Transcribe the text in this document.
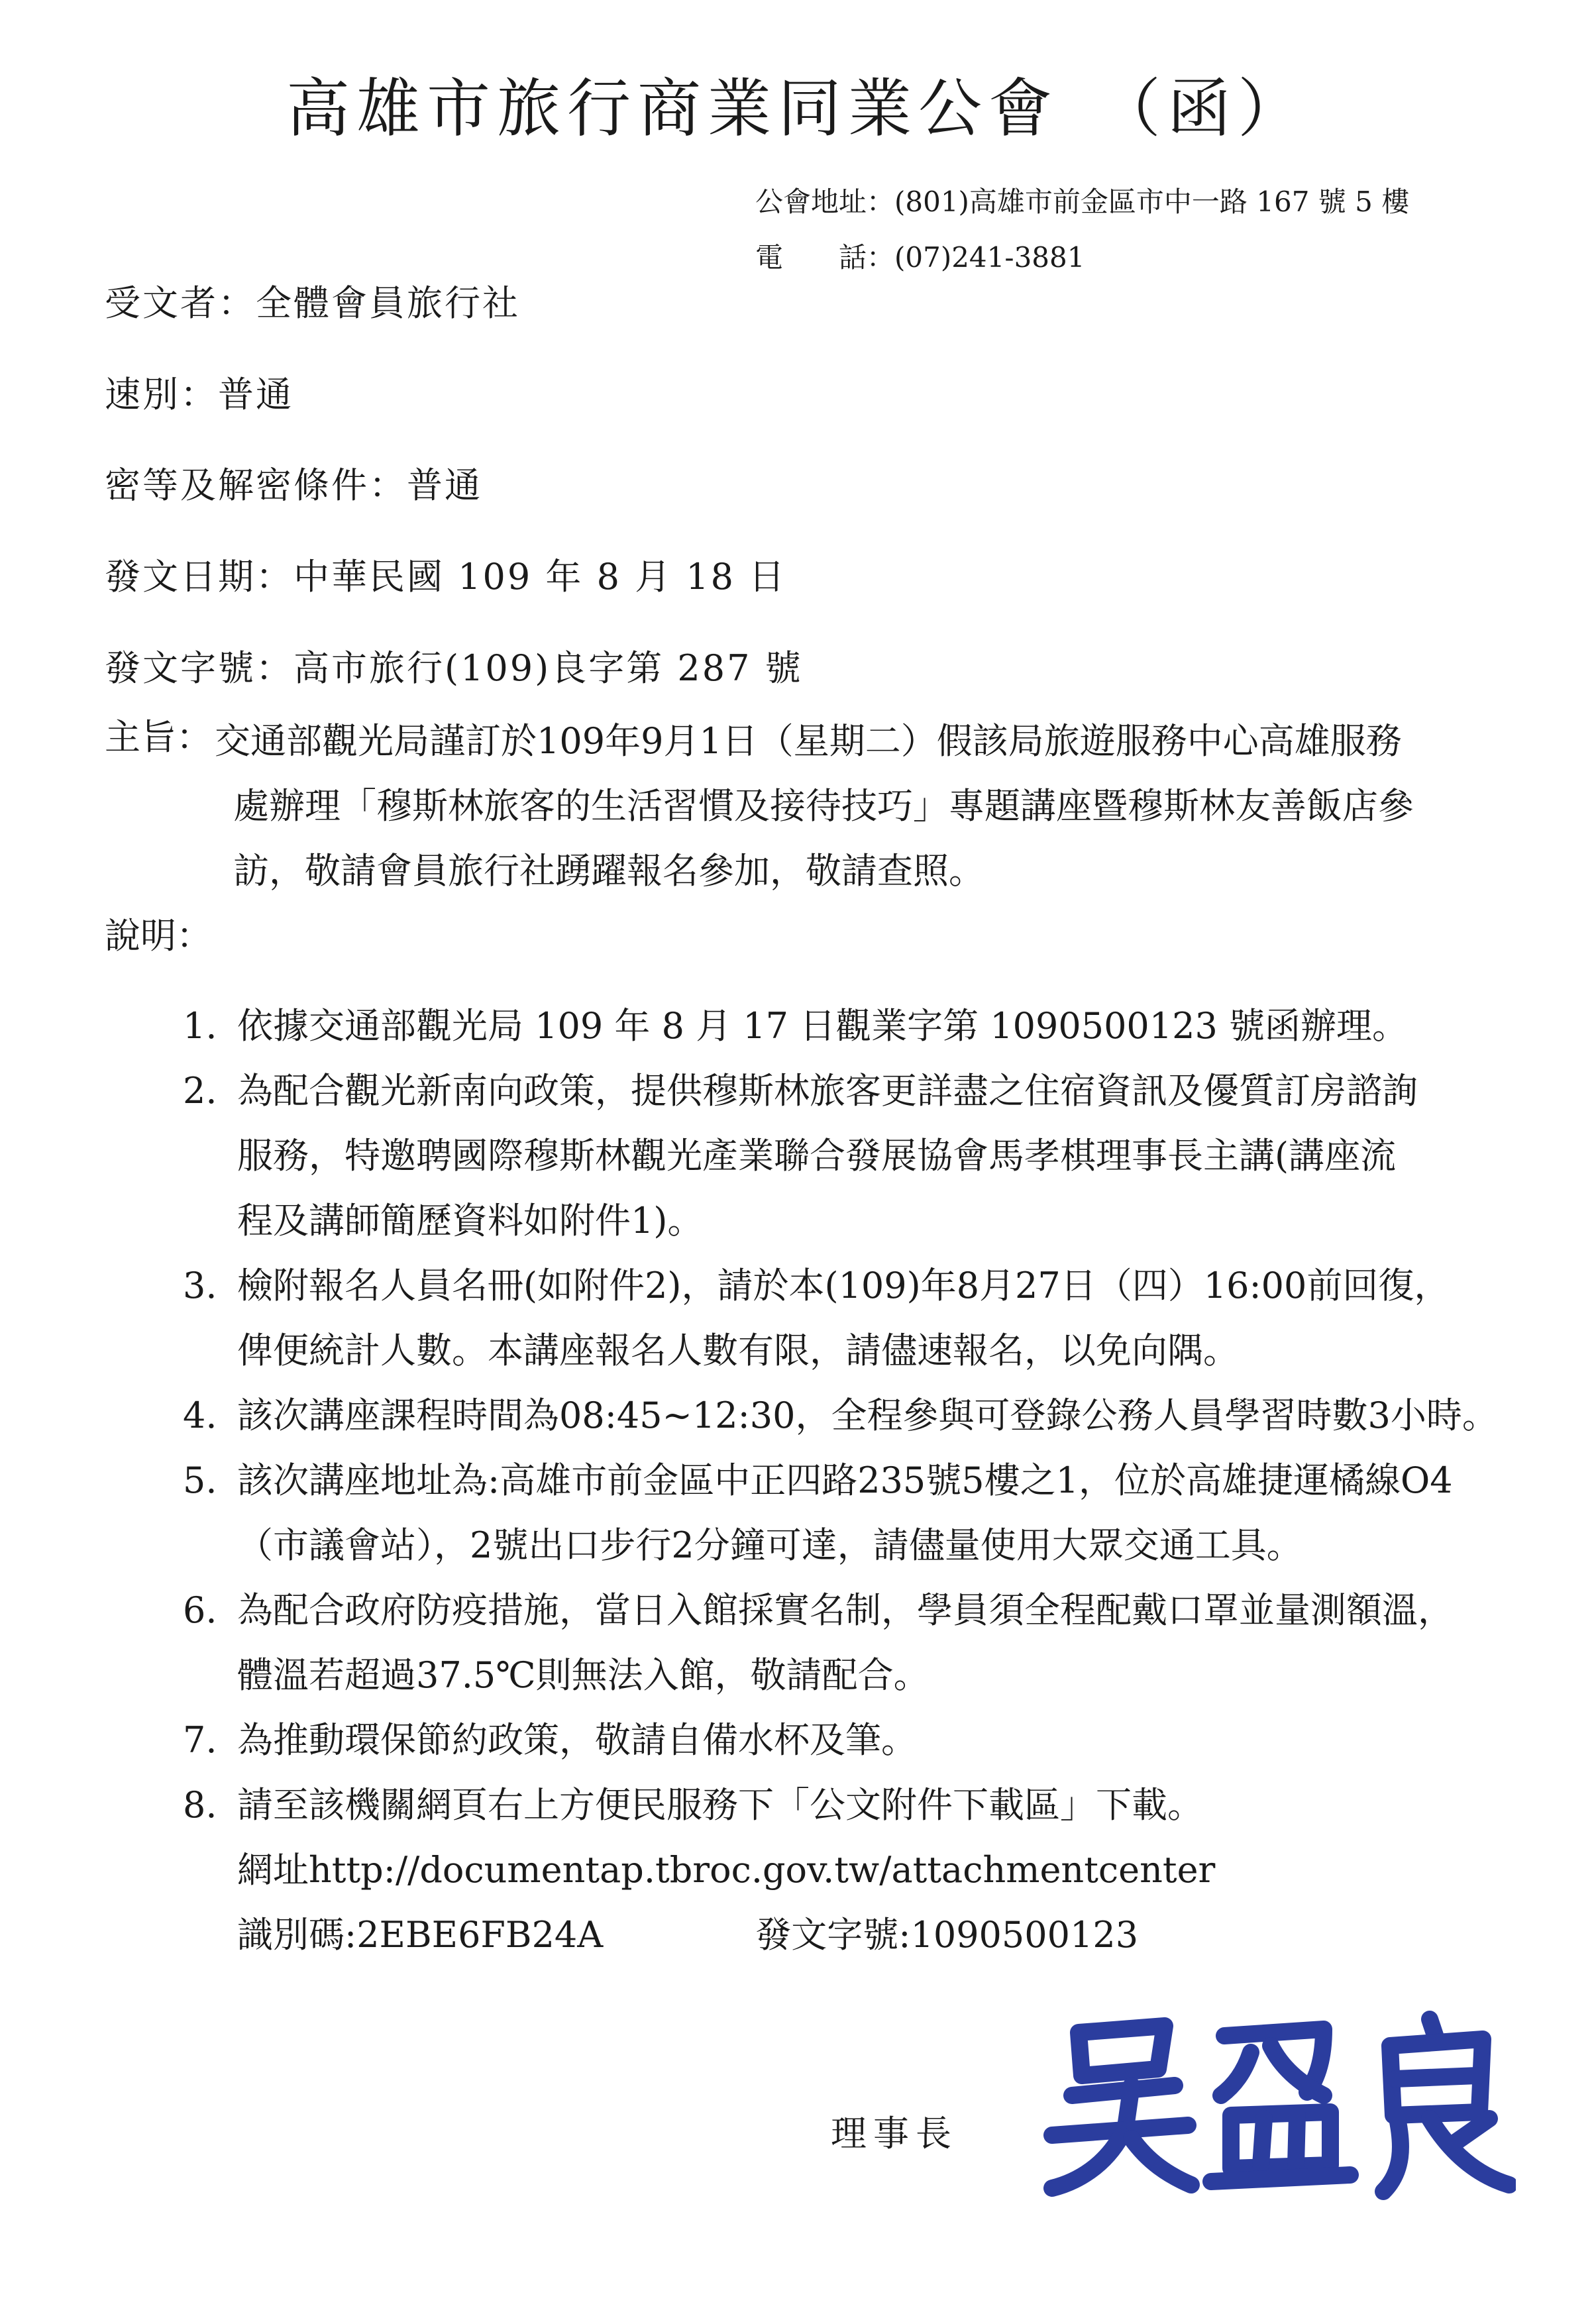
高雄市旅行商業同業公會　（函）
公會地址：(801)高雄市前金區市中一路 167 號 5 樓
電　　話：(07)241-3881
受文者：全體會員旅行社
速別：普通
密等及解密條件：普通
發文日期：中華民國 109 年 8 月 18 日
發文字號：高市旅行(109)良字第 287 號
主旨： 交通部觀光局謹訂於109年9月1日（星期二）假該局旅遊服務中心高雄服務
處辦理「穆斯林旅客的生活習慣及接待技巧」專題講座暨穆斯林友善飯店參
訪，敬請會員旅行社踴躍報名參加，敬請查照。
說明：
1. 依據交通部觀光局 109 年 8 月 17 日觀業字第 1090500123 號函辦理。
2. 為配合觀光新南向政策，提供穆斯林旅客更詳盡之住宿資訊及優質訂房諮詢
服務，特邀聘國際穆斯林觀光產業聯合發展協會馬孝棋理事長主講(講座流
程及講師簡歷資料如附件1)。
3. 檢附報名人員名冊(如附件2)，請於本(109)年8月27日（四）16:00前回復，
俾便統計人數。本講座報名人數有限，請儘速報名，以免向隅。
4. 該次講座課程時間為08:45~12:30，全程參與可登錄公務人員學習時數3小時。
5. 該次講座地址為:高雄市前金區中正四路235號5樓之1，位於高雄捷運橘線O4
（市議會站），2號出口步行2分鐘可達，請儘量使用大眾交通工具。
6. 為配合政府防疫措施，當日入館採實名制，學員須全程配戴口罩並量測額溫，
體溫若超過37.5℃則無法入館，敬請配合。
7. 為推動環保節約政策，敬請自備水杯及筆。
8. 請至該機關網頁右上方便民服務下「公文附件下載區」下載。
網址http://documentap.tbroc.gov.tw/attachmentcenter
識別碼:2EBE6FB24A	發文字號:1090500123
理事長
